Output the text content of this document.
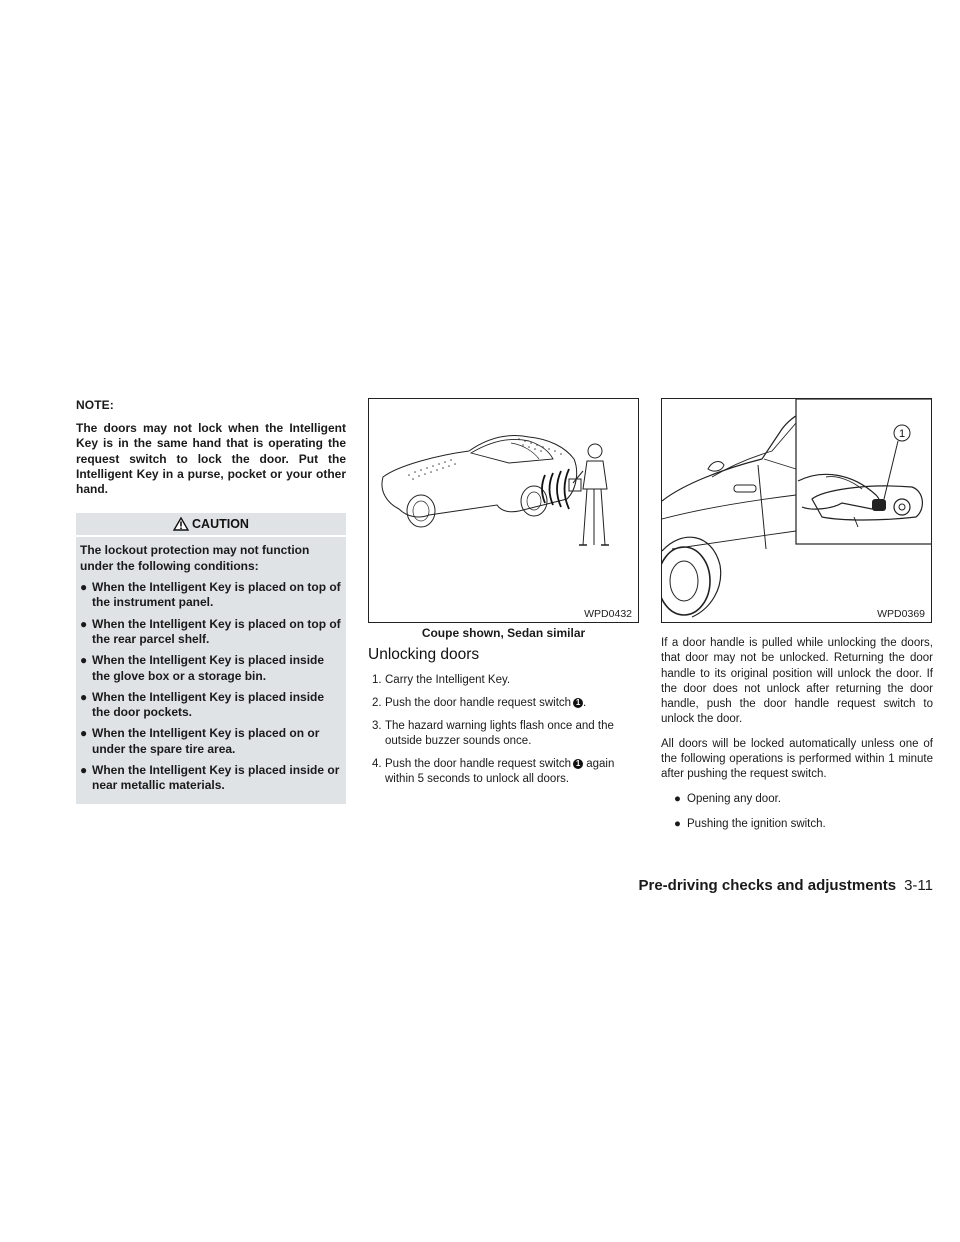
NOTE:

The doors may not lock when the Intelligent Key is in the same hand that is operating the request switch to lock the door. Put the Intelligent Key in a purse, pocket or your other hand.

CAUTION

The lockout protection may not function under the following conditions:

● When the Intelligent Key is placed on top of the instrument panel.
● When the Intelligent Key is placed on top of the rear parcel shelf.
● When the Intelligent Key is placed inside the glove box or a storage bin.
● When the Intelligent Key is placed inside the door pockets.
● When the Intelligent Key is placed on or under the spare tire area.
● When the Intelligent Key is placed inside or near metallic materials.
WPD0432
Coupe shown, Sedan similar
Unlocking doors
1. Carry the Intelligent Key.
2. Push the door handle request switch 1 .
3. The hazard warning lights flash once and the outside buzzer sounds once.
4. Push the door handle request switch 1 again within 5 seconds to unlock all doors.
1
WPD0369

If a door handle is pulled while unlocking the doors, that door may not be unlocked. Returning the door handle to its original position will unlock the door. If the door does not unlock after returning the door handle, push the door handle request switch to unlock the door.

All doors will be locked automatically unless one of the following operations is performed within 1 minute after pushing the request switch.

● Opening any door.
● Pushing the ignition switch.
Pre-driving checks and adjustments 3-11
